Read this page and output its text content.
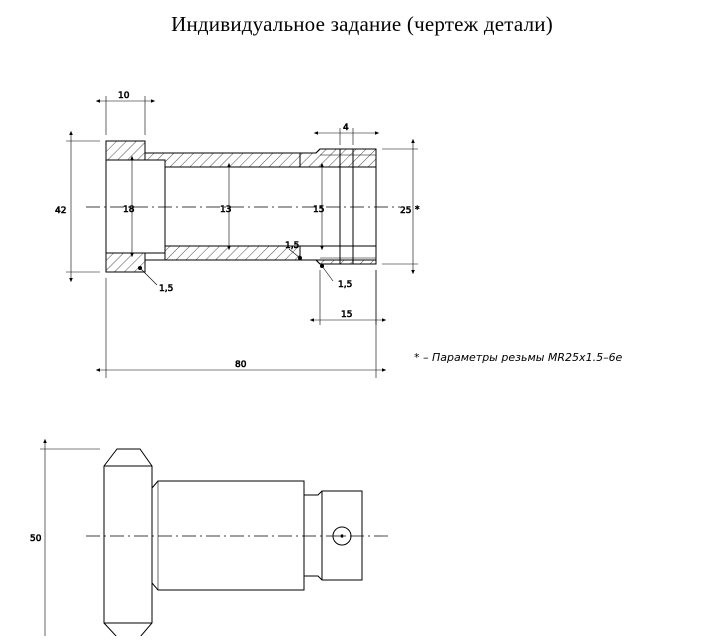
Индивидуальное задание (чертеж детали)
10
42	18	13	15	25 *
4
1,5
1,5
1,5
15
80
50
* – Параметры резьмы MR25x1.5–6e
